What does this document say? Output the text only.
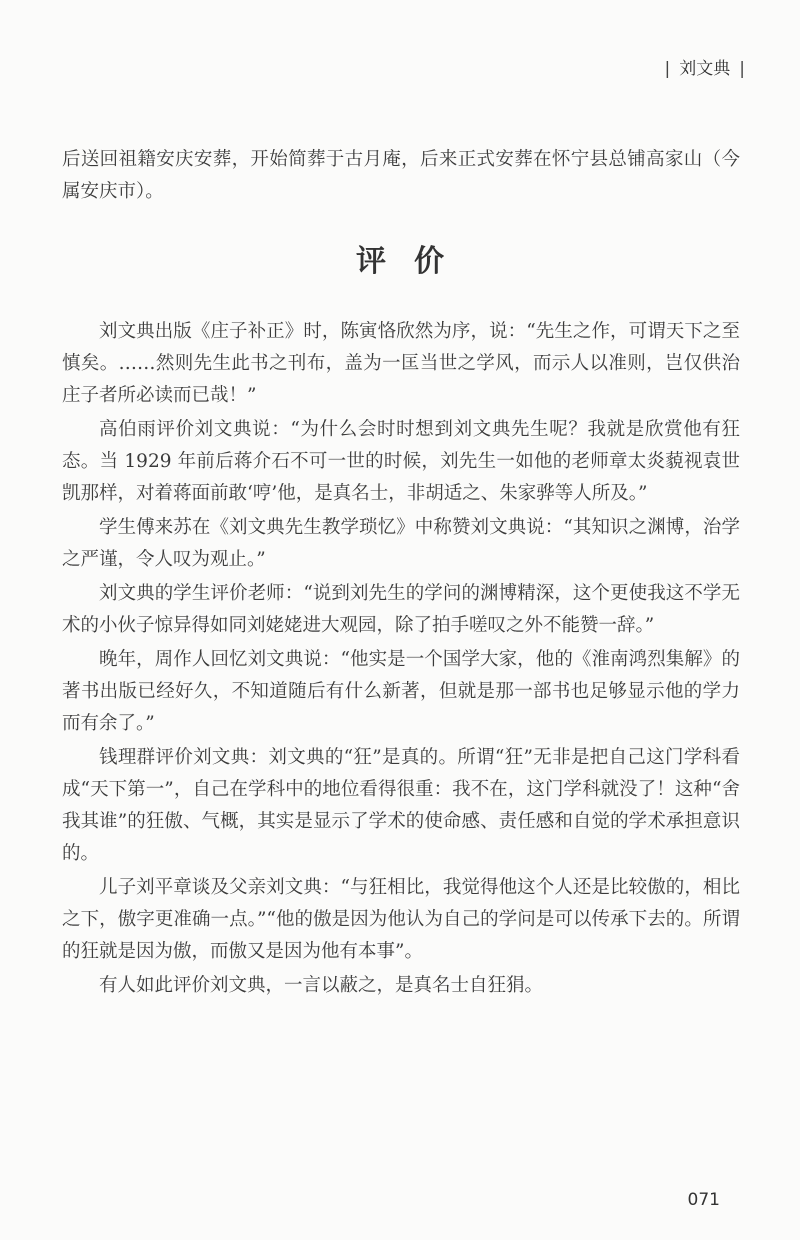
| 刘文典 |
后送回祖籍安庆安葬，开始简葬于古月庵，后来正式安葬在怀宁县总铺高家山（今属安庆市）。
评价

刘文典出版《庄子补正》时，陈寅恪欣然为序，说：“先生之作，可谓天下之至慎矣。……然则先生此书之刊布，盖为一匡当世之学风，而示人以准则，岂仅供治庄子者所必读而已哉！”

高伯雨评价刘文典说：“为什么会时时想到刘文典先生呢？我就是欣赏他有狂态。当 1929 年前后蒋介石不可一世的时候，刘先生一如他的老师章太炎藐视袁世凯那样，对着蒋面前敢‘哼’他，是真名士，非胡适之、朱家骅等人所及。”

学生傅来苏在《刘文典先生教学琐忆》中称赞刘文典说：“其知识之渊博，治学之严谨，令人叹为观止。”

刘文典的学生评价老师：“说到刘先生的学问的渊博精深，这个更使我这不学无术的小伙子惊异得如同刘姥姥进大观园，除了拍手嗟叹之外不能赞一辞。”

晚年，周作人回忆刘文典说：“他实是一个国学大家，他的《淮南鸿烈集解》的著书出版已经好久，不知道随后有什么新著，但就是那一部书也足够显示他的学力而有余了。”

钱理群评价刘文典：刘文典的“狂”是真的。所谓“狂”无非是把自己这门学科看成“天下第一”，自己在学科中的地位看得很重：我不在，这门学科就没了！这种“舍我其谁”的狂傲、气概，其实是显示了学术的使命感、责任感和自觉的学术承担意识的。

儿子刘平章谈及父亲刘文典：“与狂相比，我觉得他这个人还是比较傲的，相比之下，傲字更准确一点。”“他的傲是因为他认为自己的学问是可以传承下去的。所谓的狂就是因为傲，而傲又是因为他有本事”。

有人如此评价刘文典，一言以蔽之，是真名士自狂狷。

071
